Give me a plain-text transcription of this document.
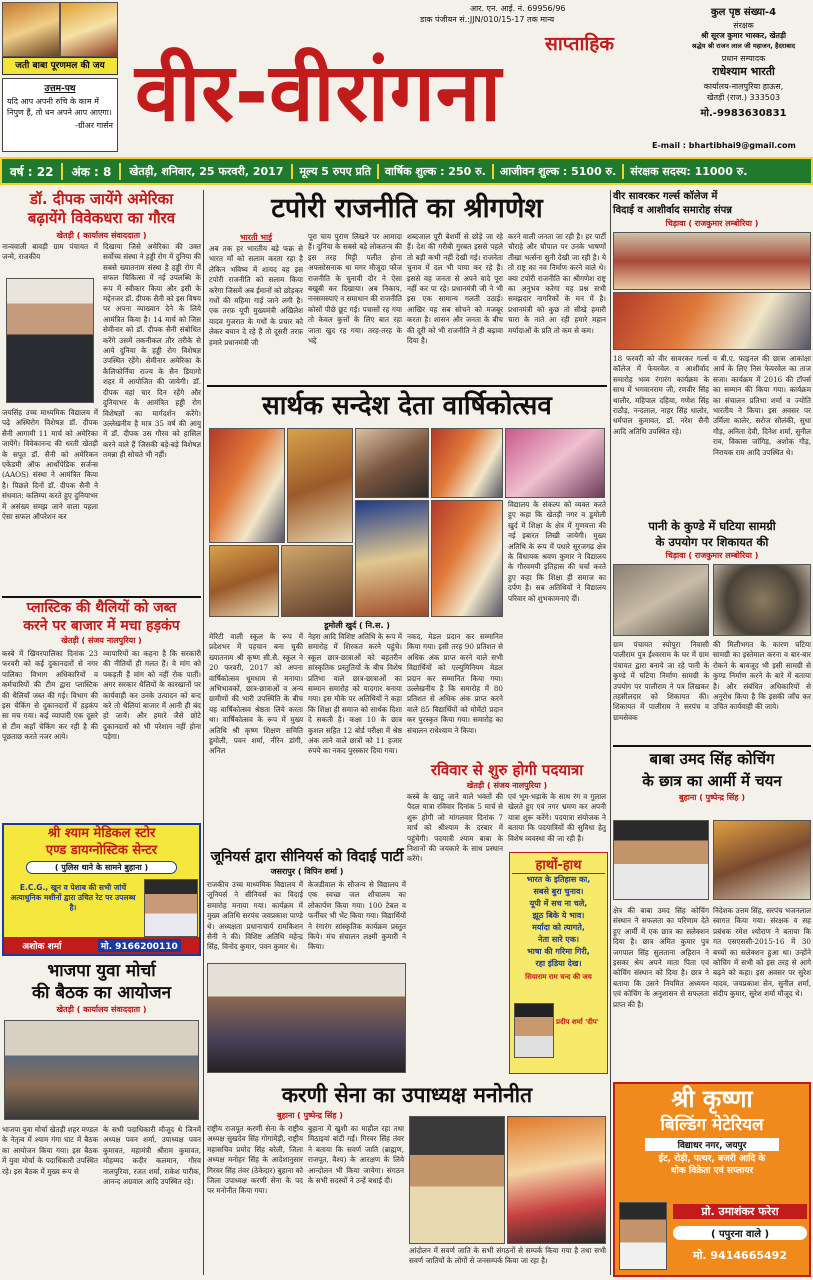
जती बाबा पूरणमल की जय
उत्तम-पथ
यदि आप अपनी रुचि के काम में निपुण हैं, तो धन अपने आप आएगा।
-ग्रीअर गार्सन
आर. एन. आई. नं. 69956/96
डाक पंजीयन सं.:JJN/010/15-17 तक मान्य
साप्ताहिक
वीर-वीरांगना
कुल पृष्ठ संख्या-4
संरक्षक
श्री सूरज कुमार भास्कर, खेतड़ी
श्रद्धेय श्री राजन लाल जी महाजन, हैदराबाद
प्रधान सम्पादक
राधेश्याम भारती
कार्यालय-नालपुरिया हाऊस,
खेतड़ी (राज.) 333503
मो.-9983630831
E-mail : bhartibhai9@gmail.com
वर्ष : 22	अंक : 8	खेतड़ी, शनिवार, 25 फरवरी, 2017	मूल्य 5 रुपए प्रति	वार्षिक शुल्क : 250 रु.	आजीवन शुल्क : 5100 रु.	संरक्षक सदस्य: 11000 रु.
डॉ. दीपक जायेंगे अमेरिका
बढ़ायेंगे विवेकधरा का गौरव
खेतड़ी ( कार्यालय संवाददाता )
नान्ववाली बावड़ी ग्राम पंचायत में जन्मे, राजकीय
जयसिंह उच्च माध्यमिक विद्यालय में पढ़े अस्थिरोग विशेषज्ञ डॉ. दीपक सैनी आगामी 11 मार्च को अमेरिका जायेंगे। विवेकानन्द की धरती खेतड़ी के सपूत डॉ. सैनी को अमेरिकन एकेडमी ऑफ आर्थोपेडिक सर्जन्स (AAOS) संस्था ने आमंत्रित किया है। पिछले दिनों डॉ. दीपक सैनी ने संधवात: कलिम्पा करते हुए दुनियाभर में असंख्य समझ जाने वाला पहला ऐसा सफल ऑपरेशन कर
दिखाया जिसे अमेरिका की उक्त सर्वोच्च संस्था ने हड्डी रोग में दुनिया की सबसे ख्यातनाम संस्था है हड्डी रोग में सफल चिकित्सा में नई उपलब्धि के रूप में स्वीकार किया और इसी के मद्देनजर डॉ. दीपक सैनी को इस विषय पर अपना व्याख्यान देने के लिये आमंत्रित किया है। 14 मार्च को जिस सेमीनार को डॉ. दीपक सैनी संबोधित करेंगे उसमें तकनीकल तौर तरीके से आये दुनिया के हड्डी रोग विशेषज्ञ उपस्थित रहेंगे। सेमीनार अमेरिका के कैलिफोर्निया राज्य के सैन डियागो शहर में आयोजित की जायेगी। डॉ. दीपक वहां चार दिन रहेंगे और दुनियाभर के आमंत्रित हड्डी रोग विशेषज्ञों का मार्गदर्शन करेंगे। उल्लेखनीय है मात्र 35 वर्ष की आयु में डॉ. दीपक उस गौरव को हासिल करने वाले हैं जिसकी बड़े-बड़े विशेषज्ञ तमन्ना ही सोचते भी नहीं।
प्लास्टिक की थैलियों को जब्त
करने पर बाजार में मचा हड़कंप
खेतड़ी ( संजय नालपुरिया )
कस्बे में खियरपालिका दिनांक 23 फरवरी को कई दुकानदारों से नगर पालिका विभाग अधिकारियों व कर्मचारियों की टीम द्वारा प्लास्टिक की थैलियाँ जब्त की गई। विभाग की इस चेकिंग से दुकानदारों में हड़कंप सा मच गया। कई व्यापारी एक दूसरे से टीम कहाँ चेकिंग कर रही है की पूछताछ करते नजर आये।
व्यापारियों का कहना है कि सरकारी की नीतियों ही गलत हैं। वे मांग को पकड़ती हैं मांग को नहीं रोक पातीं। अगर सरकार थैलियों के कारखानों पर कार्यवाही कर उनके उत्पादन को बन्द करे तो थैलियां बाजार में आनी ही बंद हो जायें। और हमारे जैसे छोटे दुकानदारों को भी परेशान नहीं होना पड़ेगा।
श्री श्याम मेडिकल स्टोर
एण्ड डायग्नोस्टिक सेन्टर
( पुलिस थाने के सामने बुहाना )
E.C.G., खून व पेशाब की सभी जांचें अत्याधुनिक मशीनों द्वारा उचित रेट पर उपलब्ध है।
अशोक शर्मा	मो. 9166200110
भाजपा युवा मोर्चा
की बैठक का आयोजन
खेतड़ी ( कार्यालय संवाददाता )
भाजपा युवा मोर्चा खेतड़ी शहर मण्डल के नेतृत्व में श्याम गंगा घाट में बैठक का आयोजन किया गया। इस बैठक में युवा मोर्चा के पदाधिकारी उपस्थित रहे। इस बैठक में मुख्य रूप से
के सभी पदाधिकारी मौजूद थे जिनमें अध्यक्ष पवन शर्मा, उपाध्यक्ष पवन कुमावत, महामंत्री श्रीराम कुमावत, मोहम्मद कदीर कलमान, गौरव नालपुरिया, रजत शर्मा, राकेश पारीक, आनन्द अग्रवाल आदि उपस्थित रहे।
टपोरी राजनीति का श्रीगणेश
भारती भाई
अब तक हर भारतीय बड़े फक्र से भारत माँ को सलाम करता रहा है लेकिन भविष्य में शायद वह इस टपोरी राजनीति को सलाम किया करेगा जिसमें अब ईमानों को छोड़कर गधों की महिमा गाई जाने लगी है। एक तरफ़ यूपी मुख्यमंत्री अखिलेश यादव गुजरात के गधों के प्रचार को लेकर बयान दे रहे हैं तो दूसरी तरफ़ हमारे प्रधानमंत्री जी
पूरा चाय पुराण लिखने पर आमादा हैं। दुनिया के सबसे बड़े लोकतन्त्र की इस तरह मिट्टी पलीत होना अफसोसनाक था मगर मौजूदा फौज राजनीति के चुनावी दौर ने ऐसा बखूबी कर दिखाया। अब निकाय, ननसमस्याएं न समाधान की राजनीति कोसों पीछे छूट गई। पचासों रह गया तो केवल कुत्तों के लिए बात रहा जाता खुद रह गया। तरह-तरह के भद्दे
शब्दजाल पूरी बेशर्मी से छोड़े जा रहे हैं। देश की गरीबी गुरबत इससे पहले तो बड़ी कभी नहीं देखी गई। राजनेता चुनाव में दल भी पाया कर रहे हैं। इससे वह जनता से अपने वादे पूरा नहीं कर पा रहे। प्रधानमंत्री जी ने भी इस एक सामान्य गलती उठाई। आखिर यह सब सोचने को मजबूर करता है। शासन और जनता के बीच की दूरी को भी राजनीति ने ही बढ़ावा दिया है।
करने वाली जनता जा रही है। हर पार्टी चौराहे और चौपाल पर उनके भाषणों तीखा भर्त्सना सुनी देखी जा रही है। ये तो राष्ट्र का नव निर्माण करने वाले थे। क्या टपोरी राजनीति का श्रीगणेश राष्ट्र का अनुभव करेगा यह प्रश्न सभी समझदार नागरिकों के मन में है। प्रधानमंत्री को कुछ तो सीखे हमारी चारा के नाते आ रही हमारे महान मर्यादाओं के प्रति तो कम से कम।
सार्थक सन्देश देता वार्षिकोत्सव
डूमोली खुर्द ( नि.स. )
मेरिटी वाली स्कूल के रूप में प्रदेशभर में पहचान बना चुकी ख्यातनाम श्री कृष्ण सी.सै. स्कूल ने 20 फरवरी, 2017 को अपना वार्षिकोत्सव धूमधाम से मनाया। अभिभावकों, छात्र-छात्राओं व अन्य ग्रामीणों की भारी उपस्थिति के बीच यह वार्षिकोत्सव श्रेष्ठता लिये करता था। वार्षिकोत्सव के रूप में मुख्य अतिथि श्री कृष्ण शिक्षण समिति डूमोली, पवन शर्मा, नीरेन डांगी, अनिल
नेहरा आदि विशिष्ट अतिथि के रूप में समारोह में शिरकत करने पहुंचे। स्कूल छात्र-छात्राओं को बहतरीन सांस्कृतिक प्रस्तुतियों के बीच विशेष प्रतिभा वाले छात्र-छात्राओं का सम्मान समारोह को यादगार बनाया गया। इस मौके पर अतिथियों ने कहा कि शिक्षा ही समाज को सार्थक दिशा दे सकती है। कक्षा 10 के छात्र कुशल सहित 12 बोर्ड परीक्षा में श्रेष्ठ अंक लाने वाले छात्रों को 11 हजार रुपये का नकद पुरस्कार दिया गया।
नकद, मेडल प्रदान कर सम्मानित किया गया। इसी तरह 90 प्रतिशत से अधिक अंक प्राप्त करने वाले सभी विद्यार्थियों को एल्युमिनियम मेडल प्रदान कर सम्मानित किया गया। उल्लेखनीय है कि समारोह में 80 प्रतिशत से अधिक अंक प्राप्त करने वाले 85 विद्यार्थियों को मोमेंटो प्रदान कर पुरस्कृत किया गया। समारोह का संचालन राधेश्याम ने किया।
विद्यालय के संकल्प को व्यक्त करते हुए कहा कि खेतड़ी नगर व डूमोली खुर्द में शिक्षा के क्षेत्र में गुणवत्ता की नई इबारत लिखी जायेगी। मुख्य अतिथि के रूप में पधारे सूरजगढ़ क्षेत्र के विधायक श्रवण कुमार ने विद्यालय के गौरवमयी इतिहास की चर्चा करते हुए कहा कि शिक्षा ही समाज का दर्पण है। सब अतिथियों ने विद्यालय परिवार को शुभकामनाएं दीं।
रविवार से शुरु होगी पदयात्रा
खेतड़ी ( संजय नालपुरिया )
कस्बे के खाटू जाने वाले भक्तों की पैदल यात्रा रविवार दिनांक 5 मार्च से शुरू होगी जो मांगलवार दिनांक 7 मार्च को श्रीश्याम के दरबार में पहुंचेगी। पदयात्री श्याम बाबा के निशानों की जयकारे के साथ प्रस्थान करेंगे।
एवं भूम-भड़ाके के साथ रंग व गुलाल खेलते हुए एवं नगर भ्रमण कर अपनी यात्रा शुरू करेंगे। पदयात्रा संयोजक ने बताया कि पदयात्रियों की सुविधा हेतु विशेष व्यवस्था की जा रही है।
जूनियर्स द्वारा सीनियर्स को विदाई पार्टी
जसरापुर ( विपिन शर्मा )
राजकीय उच्च माध्यमिक विद्यालय में जूनियर्स ने सीनियर्स का विदाई समारोह मनाया गया। कार्यक्रम में मुख्य अतिथि सरपंच जयप्रकाश पाण्डे थे। अध्यक्षता प्रधानाचार्य रामकिशन सैनी ने की। विशिष्ट अतिथि महेन्द्र सिंह, विनोद कुमार, पवन कुमार थे।
केजडीवाल के सौजन्य से विद्यालय में एक स्वच्छ जल शौचालय का लोकार्पण किया गया। 100 टेबल व फर्नीचर भी भेंट किया गया। विद्यार्थियों ने रंगारंग सांस्कृतिक कार्यक्रम प्रस्तुत किये। मंच संचालन लक्ष्मी कुमारी ने किया।
हाथों-हाथ
भारत के इतिहास का,
सबसे बुरा चुनाव।
यूपी में सच ना चले,
झूठ बिके ये भाव।
मर्यादा को त्यागते,
नेता सारे एक।
भाषा की गरिमा गिरी,
रहा इंडिया देख।
सियाराम राम चन्द की जय
प्रदीप शर्मा 'दीप'
करणी सेना का उपाध्यक्ष मनोनीत
बुहाना ( पुष्पेन्द्र सिंह )
राष्ट्रीय राजपूत करणी सेना के राष्ट्रीय अध्यक्ष सुखदेव सिंह गोगामेड़ी, राष्ट्रीय महासचिव प्रमोद सिंह बरेली, जिला अध्यक्ष मनोहर सिंह के आदेशानुसार गिरवर सिंह तंवर (ठेकेदार) बुहाना को जिला उपाध्यक्ष करणी सेना के पद पर मनोनीत किया गया।
बुहाना में खुशी का माहौल रहा तथा मिठाइयां बांटी गईं। गिरवर सिंह तंवर ने बताया कि सवर्ण जाति (ब्राह्मण, राजपूत, वैश्य) के आरक्षण के लिये आन्दोलन भी किया जायेगा। संगठन के सभी सदस्यों ने उन्हें बधाई दी।
आंदोलन में सवर्ण जाति के सभी संगठनों से सम्पर्क किया गया है तथा सभी सवर्ण जातियों के लोगों से जनसम्पर्क किया जा रहा है।
वीर सावरकर गर्ल्स कॉलेज में
विदाई व आशीर्वाद समारोह संपन्न
चिड़ावा ( राजकुमार लम्बोरिया )
18 फरवरी को वीर सावरकर गर्ल्स कॉलेज में फेयरवेल व आशीर्वाद समारोह भव्य रंगारंग कार्यक्रम के साथ में भगवानराम जी, रणवीर सिंह थालौर, महिपाल दहिया, गणेश सिंह राठौड़, नन्दलाल, नाहर सिंह धालोर, धर्मपाल कुमावत, डॉ. नरेश सैनी आदि अतिथि उपस्थित रहे।
व बी.ए. फाइनल की छात्रा आकांक्षा आर्य के लिए निस फेयरवेल का ताज सजा। कार्यक्रम में 2016 की टॉपर्स का सम्मान की किया गया। कार्यक्रम का संचालन प्रतिभा शर्मा व ज्योति भारतीय ने किया। इस अवसर पर उर्मिला कालेर, सरोज सोलंकी, सुधा गौड़, अनिता देवी, दिनेश शर्मा, सुनील राव, विकास जांगिड़, अशोक गौड़, निरायक राम आदि उपस्थित थे।
पानी के कुण्डे में घटिया सामग्री
के उपयोग पर शिकायत की
चिड़ावा ( राजकुमार लम्बोरिया )
ग्राम पंचायत स्योपुरा निवासी पालीराम पुत्र ईश्वरराम के घर में ग्राम पंचायत द्वारा बनाये जा रहे पानी के कुण्डे में घटिया निर्माण सामग्री के उपयोग पर पालीराम ने पत्र लिखकर तहसीलदार को शिकायत की। शिकायत में पालीराम ने सरपंच व ग्रामसेवक
की मिलीभगत के कारण घटिया सामग्री का इस्तेमाल करना व बार-बार रोकने के बावजूद भी इसी सामग्री से कुण्ड निर्माण करने के बारे में बताया है। और संबंधित अधिकारियों से अनुरोध किया है कि इसकी जाँच कर उचित कार्यवाही की जाये।
बाबा उमद सिंह कोचिंग
के छात्र का आर्मी में चयन
बुहाना ( पुष्पेन्द्र सिंह )
क्षेत्र की बाबा उमद सिंह कोचिंग संस्थान ने सफलता का परिणाम देते हुए आर्मी में एक छात्र का सलेक्शन दिया है। छात्र अमित कुमार पुत्र जगपाल सिंह सुलताना अहिरान ने इसका श्रेय अपने माता पिता एवं कोचिंग संस्थान को दिया है। छात्र ने बताया कि उसने नियमित अध्ययन एवं कोचिंग के अनुशासन से सफलता प्राप्त की है।
निदेशक उत्तम सिंह, सरपंच भजनलाल स्वागत किया गया। संरक्षक व सह प्रबंधक रमेश श्योराण ने बताया कि गत एसएससी-2015-16 में 30 बच्चों का सलेक्शन हुआ था। उन्होंने कोचिंग में सभी को इस तरह से आगे बढ़ने को कहा। इस अवसर पर सुरेश यादव, जयप्रकाश सेन, सुनील शर्मा, संदीप कुमार, सुरेश शर्मा मौजूद थे।
श्री कृष्णा
बिल्डिंग मेटेरियल
विद्याधर नगर, जयपुर
ईंट, रोड़ी, पत्थर, बजरी आदि के
थोक विक्रेता एवं सप्लायर
प्रो. उमाशंकर फरेरा
( पपुरना वाले )
मो. 9414665492
